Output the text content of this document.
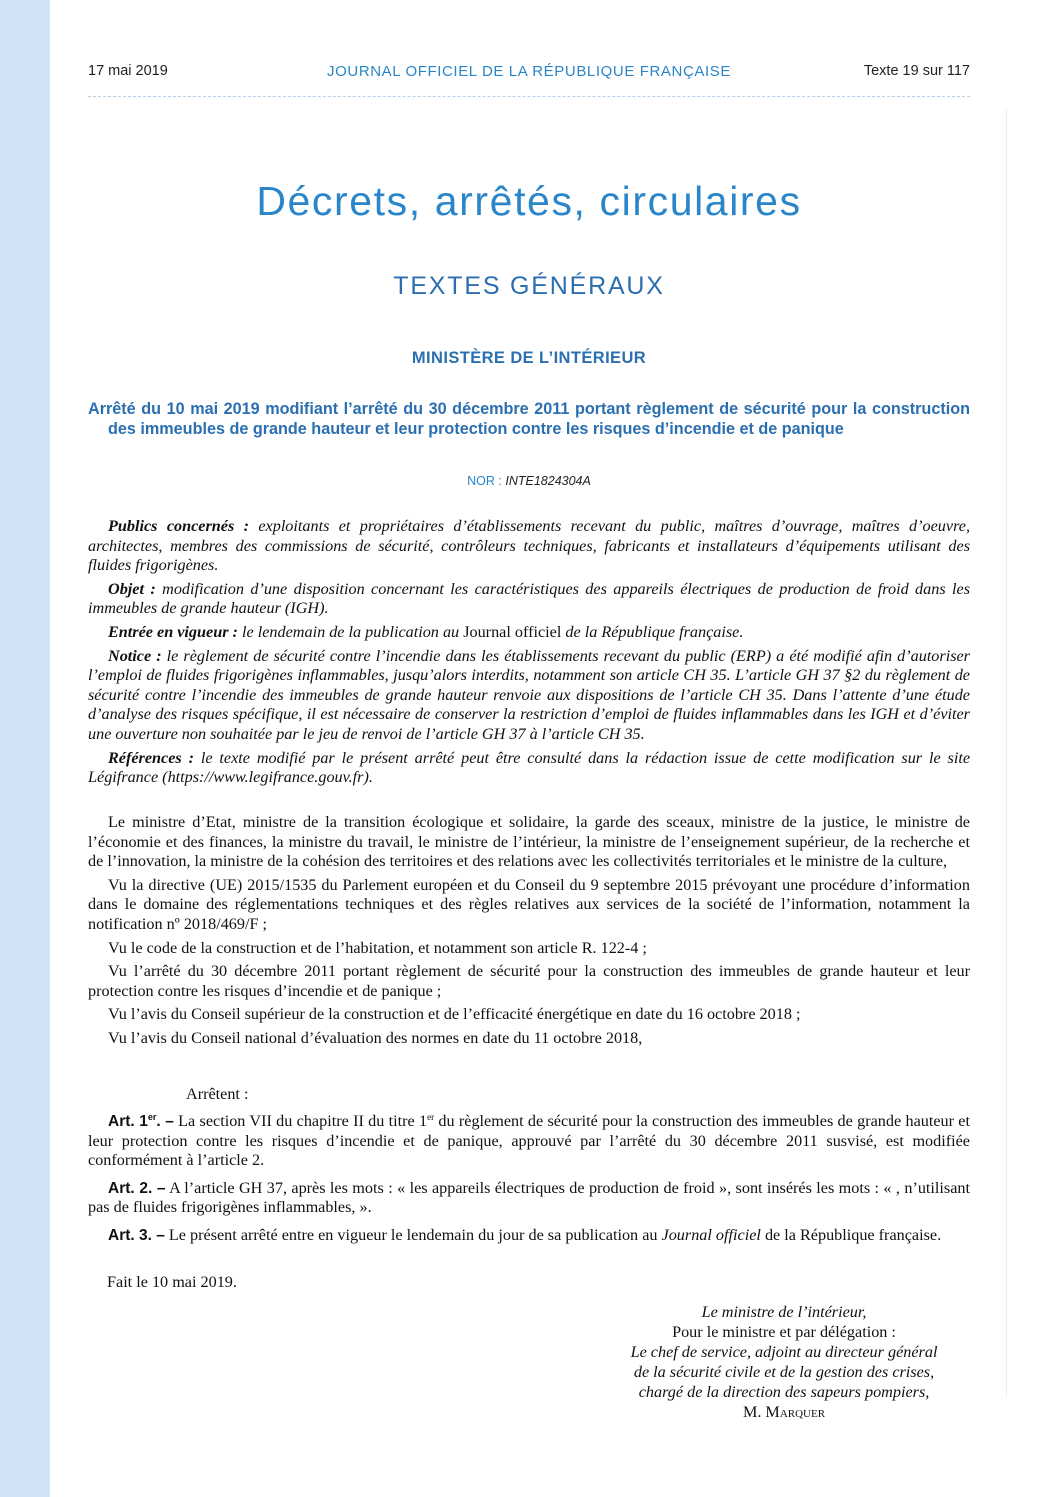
JOURNAL OFFICIEL DE LA RÉPUBLIQUE FRANÇAISE
17 mai 2019	Texte 19 sur 117
Décrets, arrêtés, circulaires
TEXTES GÉNÉRAUX
MINISTÈRE DE L’INTÉRIEUR
Arrêté du 10 mai 2019 modifiant l’arrêté du 30 décembre 2011 portant règlement de sécurité pour la construction des immeubles de grande hauteur et leur protection contre les risques d’incendie et de panique
NOR : INTE1824304A

Publics concernés : exploitants et propriétaires d’établissements recevant du public, maîtres d’ouvrage, maîtres d’oeuvre, architectes, membres des commissions de sécurité, contrôleurs techniques, fabricants et installateurs d’équipements utilisant des fluides frigorigènes.

Objet : modification d’une disposition concernant les caractéristiques des appareils électriques de production de froid dans les immeubles de grande hauteur (IGH).

Entrée en vigueur : le lendemain de la publication au Journal officiel de la République française.

Notice : le règlement de sécurité contre l’incendie dans les établissements recevant du public (ERP) a été modifié afin d’autoriser l’emploi de fluides frigorigènes inflammables, jusqu’alors interdits, notamment son article CH 35. L’article GH 37 §2 du règlement de sécurité contre l’incendie des immeubles de grande hauteur renvoie aux dispositions de l’article CH 35. Dans l’attente d’une étude d’analyse des risques spécifique, il est nécessaire de conserver la restriction d’emploi de fluides inflammables dans les IGH et d’éviter une ouverture non souhaitée par le jeu de renvoi de l’article GH 37 à l’article CH 35.

Références : le texte modifié par le présent arrêté peut être consulté dans la rédaction issue de cette modification sur le site Légifrance (https://www.legifrance.gouv.fr).

Le ministre d’Etat, ministre de la transition écologique et solidaire, la garde des sceaux, ministre de la justice, le ministre de l’économie et des finances, la ministre du travail, le ministre de l’intérieur, la ministre de l’enseignement supérieur, de la recherche et de l’innovation, la ministre de la cohésion des territoires et des relations avec les collectivités territoriales et le ministre de la culture,

Vu la directive (UE) 2015/1535 du Parlement européen et du Conseil du 9 septembre 2015 prévoyant une procédure d’information dans le domaine des réglementations techniques et des règles relatives aux services de la société de l’information, notamment la notification nº 2018/469/F ;

Vu le code de la construction et de l’habitation, et notamment son article R. 122-4 ;

Vu l’arrêté du 30 décembre 2011 portant règlement de sécurité pour la construction des immeubles de grande hauteur et leur protection contre les risques d’incendie et de panique ;

Vu l’avis du Conseil supérieur de la construction et de l’efficacité énergétique en date du 16 octobre 2018 ;

Vu l’avis du Conseil national d’évaluation des normes en date du 11 octobre 2018,

Arrêtent :

Art. 1er. – La section VII du chapitre II du titre 1er du règlement de sécurité pour la construction des immeubles de grande hauteur et leur protection contre les risques d’incendie et de panique, approuvé par l’arrêté du 30 décembre 2011 susvisé, est modifiée conformément à l’article 2.

Art. 2. – A l’article GH 37, après les mots : « les appareils électriques de production de froid », sont insérés les mots : « , n’utilisant pas de fluides frigorigènes inflammables, ».

Art. 3. – Le présent arrêté entre en vigueur le lendemain du jour de sa publication au Journal officiel de la République française.

Fait le 10 mai 2019.
Le ministre de l’intérieur,
Pour le ministre et par délégation :
Le chef de service, adjoint au directeur général
de la sécurité civile et de la gestion des crises,
chargé de la direction des sapeurs pompiers,
M. Marquer
